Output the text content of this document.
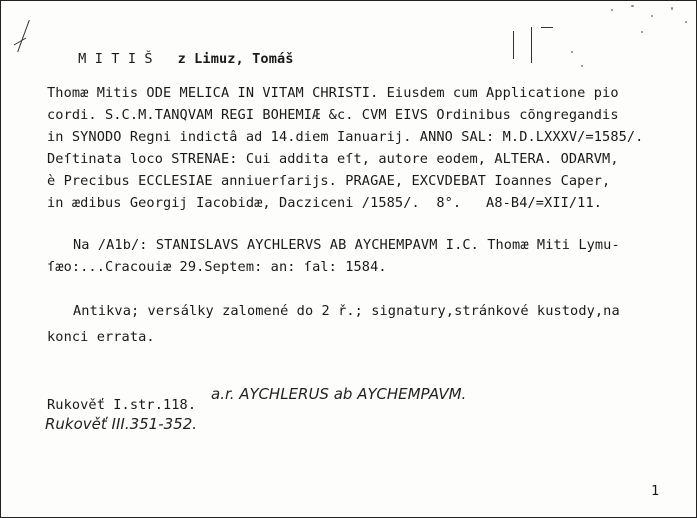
M I T I Š z Limuz, Tomáš

Thomæ Mitis ODE MELICA IN VITAM CHRISTI. Eiusdem cum Applicatione pio
cordi. S.C.M.TANQVAM REGI BOHEMIÆ &c. CVM EIVS Ordinibus cõngregandis
in SYNODO Regni indictâ ad 14.diem Ianuarij. ANNO SAL: M.D.LXXXV/=1585/.
Deſtinata loco STRENAE: Cui addita eſt, autore eodem, ALTERA. ODARVM,
è Precibus ECCLESIAE anniuerſarijs. PRAGAE, EXCVDEBAT Ioannes Caper,
in ædibus Georgij Iacobidæ, Dacziceni /1585/.  8°.   A8-B4/=XII/11.
Na /A1b/: STANISLAVS AYCHLERVS AB AYCHEMPAVM I.C. Thomæ Miti Lymu-
ſæo:...Cracouiæ 29.Septem: an: ſal: 1584.
Antikva; versálky zalomené do 2 ř.; signatury,stránkové kustody,na
konci errata.
Rukověť I.str.118.
a.r. AYCHLERUS ab AYCHEMPAVM.
Rukověť III.351-352.
1
